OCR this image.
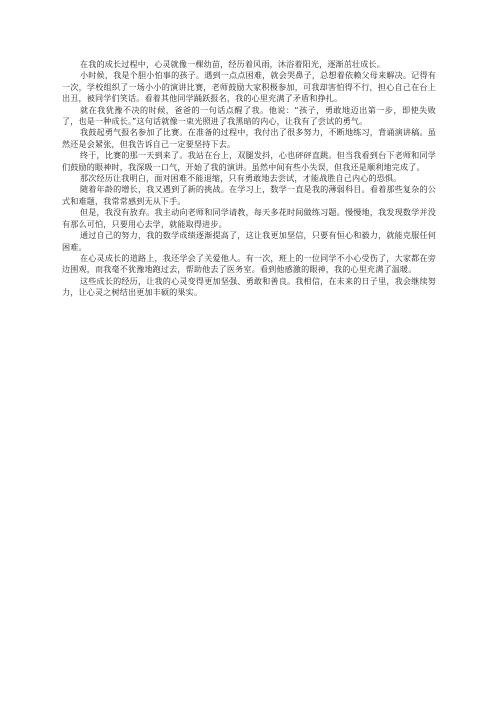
在我的成长过程中，心灵就像一棵幼苗，经历着风雨，沐浴着阳光，逐渐茁壮成长。

小时候，我是个胆小怕事的孩子。遇到一点点困难，就会哭鼻子，总想着依赖父母来解决。记得有一次，学校组织了一场小小的演讲比赛，老师鼓励大家积极参加，可我却害怕得不行，担心自己在台上出丑，被同学们笑话。看着其他同学踊跃报名，我的心里充满了矛盾和挣扎。

就在我犹豫不决的时候，爸爸的一句话点醒了我。他说：“孩子，勇敢地迈出第一步，即使失败了，也是一种成长。”这句话就像一束光照进了我黑暗的内心，让我有了尝试的勇气。

我鼓起勇气报名参加了比赛。在准备的过程中，我付出了很多努力，不断地练习，背诵演讲稿。虽然还是会紧张，但我告诉自己一定要坚持下去。

终于，比赛的那一天到来了。我站在台上，双腿发抖，心也砰砰直跳。但当我看到台下老师和同学们鼓励的眼神时，我深吸一口气，开始了我的演讲。虽然中间有些小失误，但我还是顺利地完成了。

那次经历让我明白，面对困难不能退缩，只有勇敢地去尝试，才能战胜自己内心的恐惧。

随着年龄的增长，我又遇到了新的挑战。在学习上，数学一直是我的薄弱科目。看着那些复杂的公式和难题，我常常感到无从下手。

但是，我没有放弃。我主动向老师和同学请教，每天多花时间做练习题。慢慢地，我发现数学并没有那么可怕，只要用心去学，就能取得进步。

通过自己的努力，我的数学成绩逐渐提高了，这让我更加坚信，只要有恒心和毅力，就能克服任何困难。

在心灵成长的道路上，我还学会了关爱他人。有一次，班上的一位同学不小心受伤了，大家都在旁边围观，而我毫不犹豫地跑过去，帮助他去了医务室。看到他感激的眼神，我的心里充满了温暖。

这些成长的经历，让我的心灵变得更加坚强、勇敢和善良。我相信，在未来的日子里，我会继续努力，让心灵之树结出更加丰硕的果实。
